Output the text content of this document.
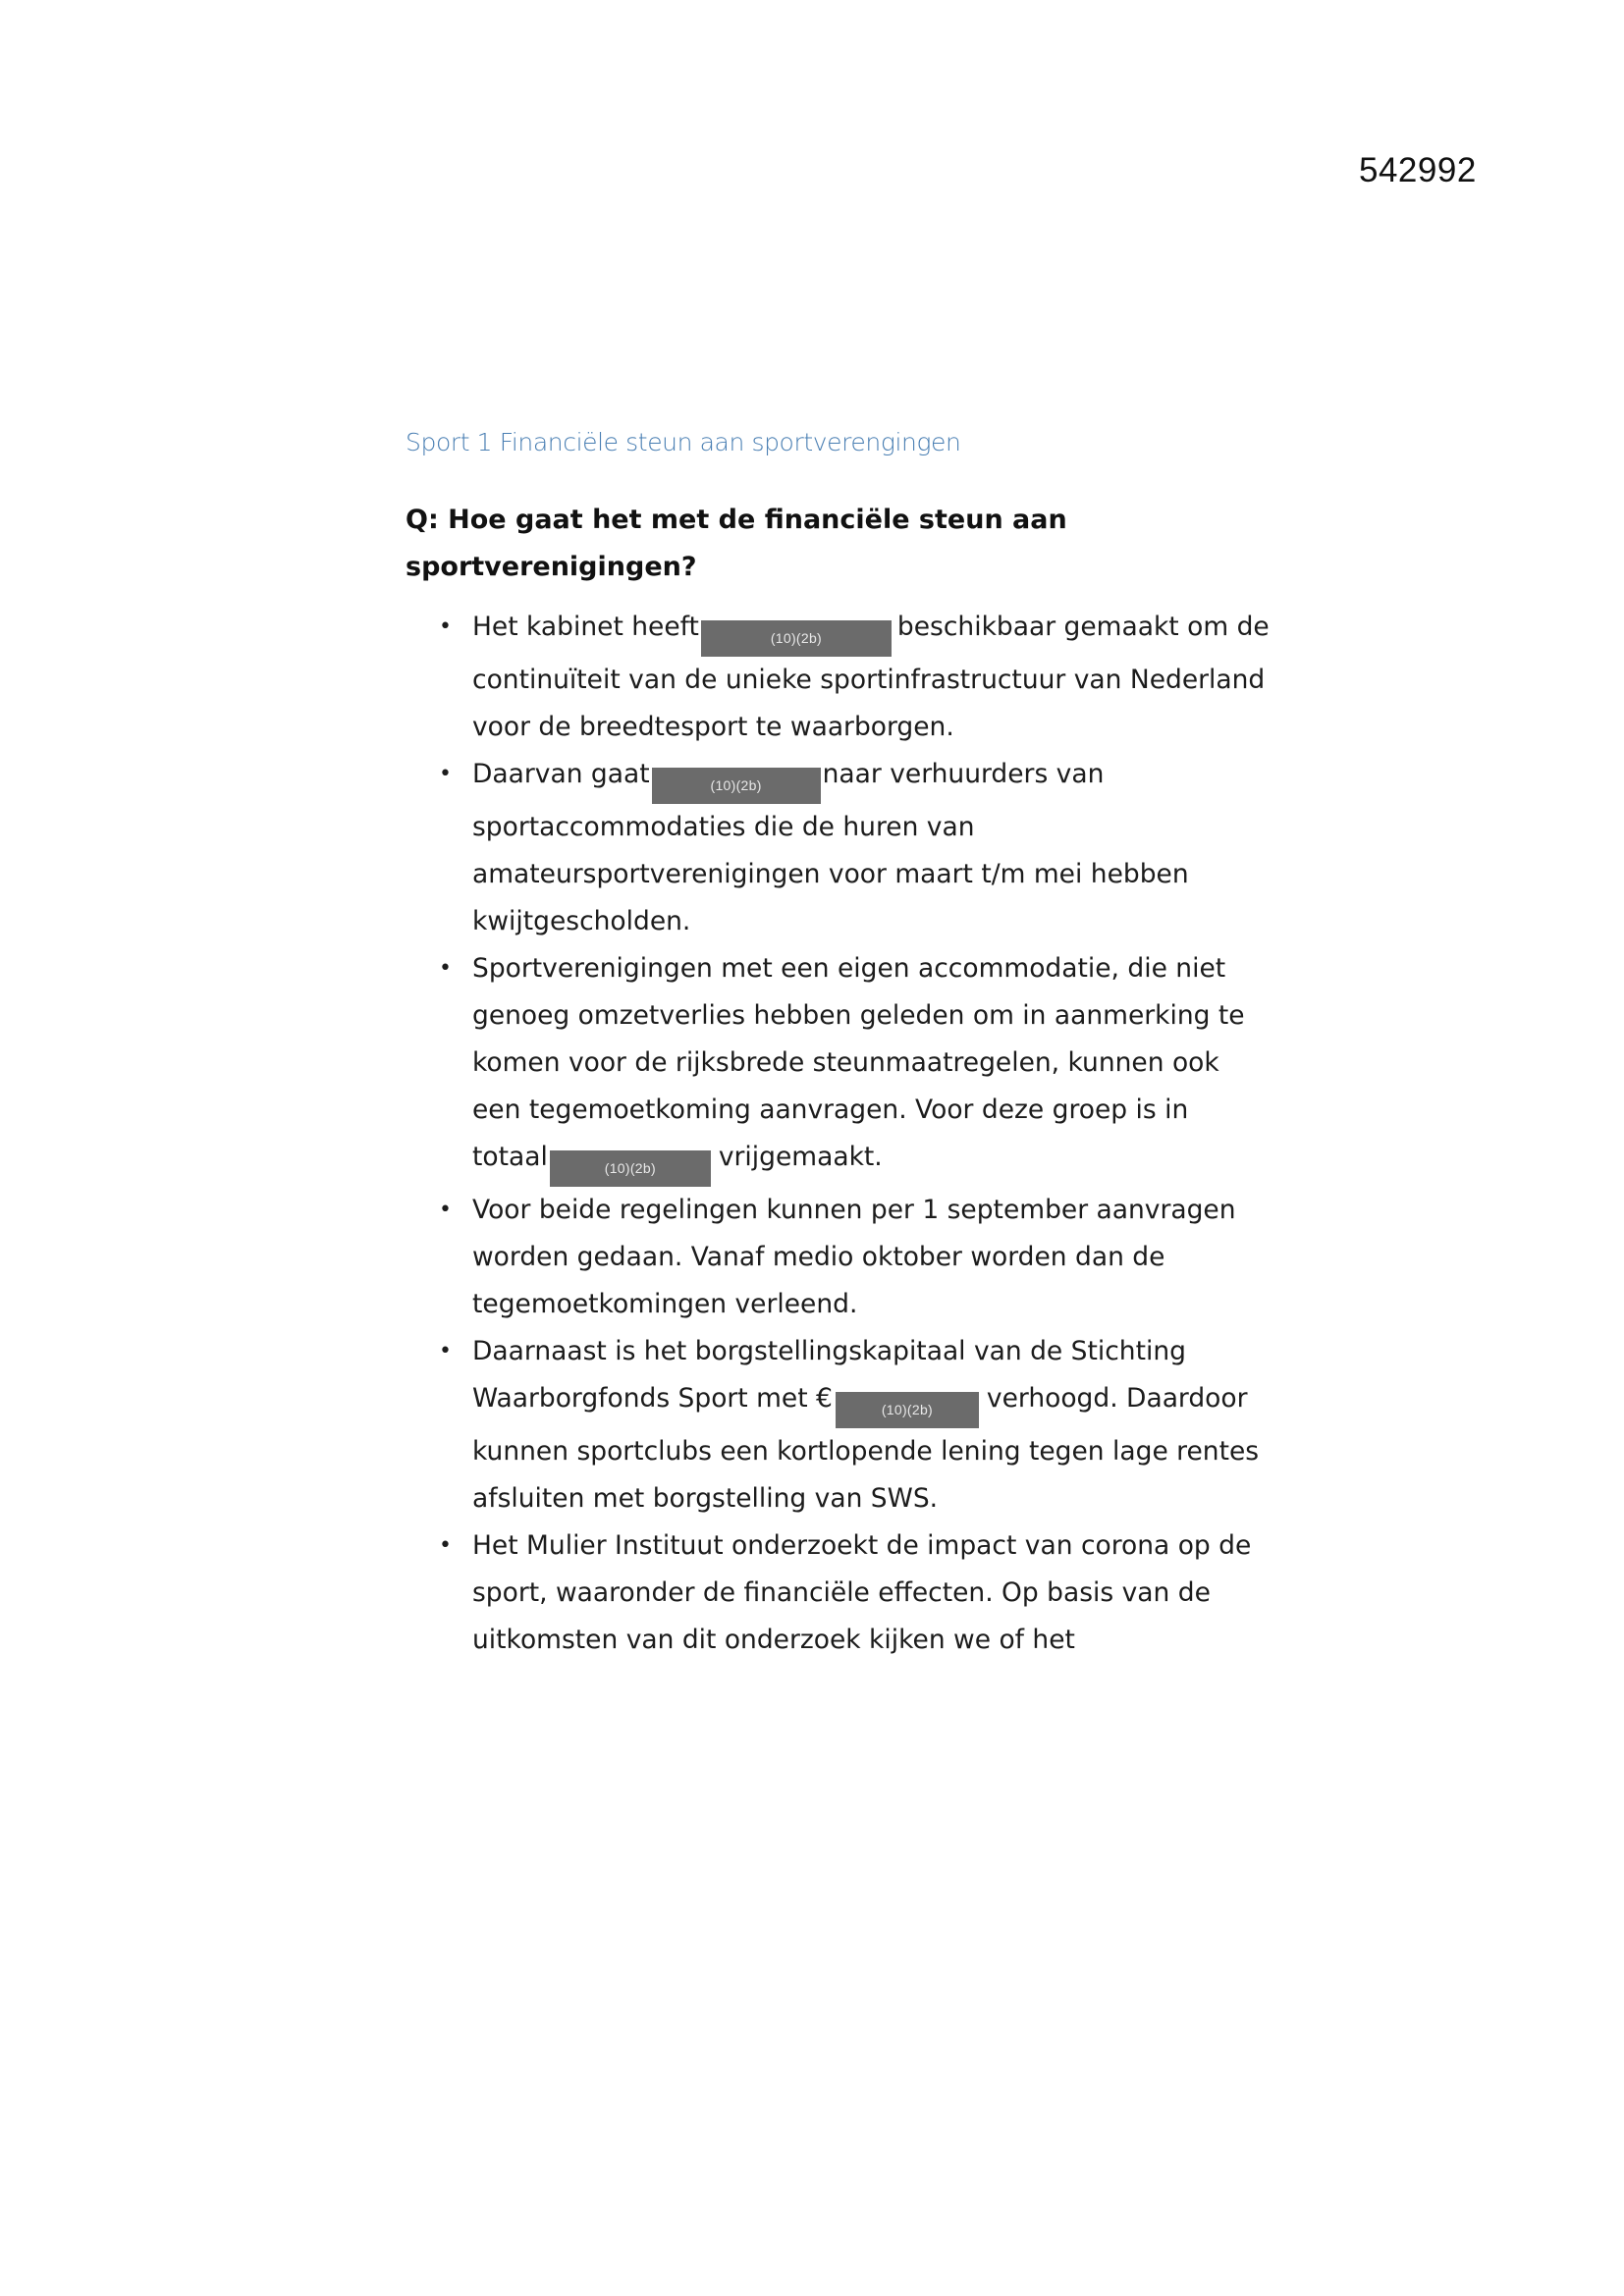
542992
Sport 1 Financiële steun aan sportverengingen
Q: Hoe gaat het met de financiële steun aan sportverenigingen?
• Het kabinet heeft	(10)(2b)	beschikbaar gemaakt om de continuïteit van de unieke sportinfrastructuur van Nederland voor de breedtesport te waarborgen.
• Daarvan gaat	(10)(2b) naar verhuurders van sportaccommodaties die de huren van amateursportverenigingen voor maart t/m mei hebben kwijtgescholden.
• Sportverenigingen met een eigen accommodatie, die niet genoeg omzetverlies hebben geleden om in aanmerking te komen voor de rijksbrede steunmaatregelen, kunnen ook een tegemoetkoming aanvragen. Voor deze groep is in totaal	(10)(2b) vrijgemaakt.
• Voor beide regelingen kunnen per 1 september aanvragen worden gedaan. Vanaf medio oktober worden dan de tegemoetkomingen verleend.
• Daarnaast is het borgstellingskapitaal van de Stichting Waarborgfonds Sport met €	(10)(2b) verhoogd. Daardoor kunnen sportclubs een kortlopende lening tegen lage rentes afsluiten met borgstelling van SWS.
• Het Mulier Instituut onderzoekt de impact van corona op de sport, waaronder de financiële effecten. Op basis van de uitkomsten van dit onderzoek kijken we of het
